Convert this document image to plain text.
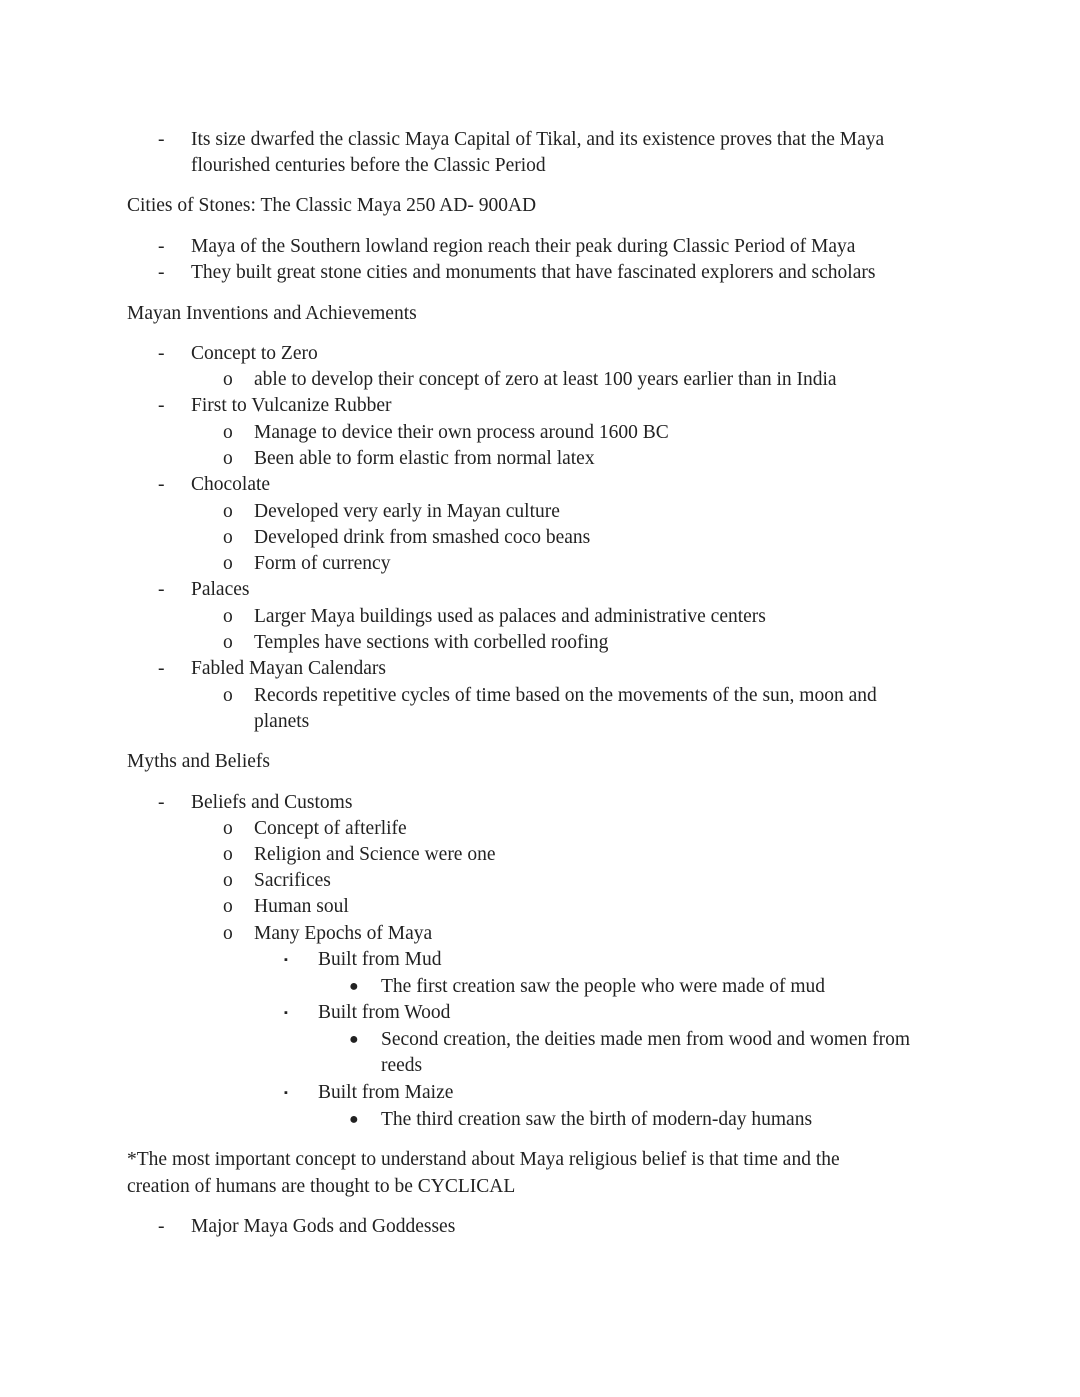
- Its size dwarfed the classic Maya Capital of Tikal, and its existence proves that the Maya
flourished centuries before the Classic Period
Cities of Stones: The Classic Maya 250 AD- 900AD
- Maya of the Southern lowland region reach their peak during Classic Period of Maya
- They built great stone cities and monuments that have fascinated explorers and scholars
Mayan Inventions and Achievements
- Concept to Zero
o able to develop their concept of zero at least 100 years earlier than in India
- First to Vulcanize Rubber
o Manage to device their own process around 1600 BC
o Been able to form elastic from normal latex
- Chocolate
o Developed very early in Mayan culture
o Developed drink from smashed coco beans
o Form of currency
- Palaces
o Larger Maya buildings used as palaces and administrative centers
o Temples have sections with corbelled roofing
- Fabled Mayan Calendars
o Records repetitive cycles of time based on the movements of the sun, moon and
planets
Myths and Beliefs
- Beliefs and Customs
o Concept of afterlife
o Religion and Science were one
o Sacrifices
o Human soul
o Many Epochs of Maya
▪ Built from Mud
● The first creation saw the people who were made of mud
▪ Built from Wood
● Second creation, the deities made men from wood and women from
reeds
▪ Built from Maize
● The third creation saw the birth of modern-day humans
*The most important concept to understand about Maya religious belief is that time and the
creation of humans are thought to be CYCLICAL
- Major Maya Gods and Goddesses
